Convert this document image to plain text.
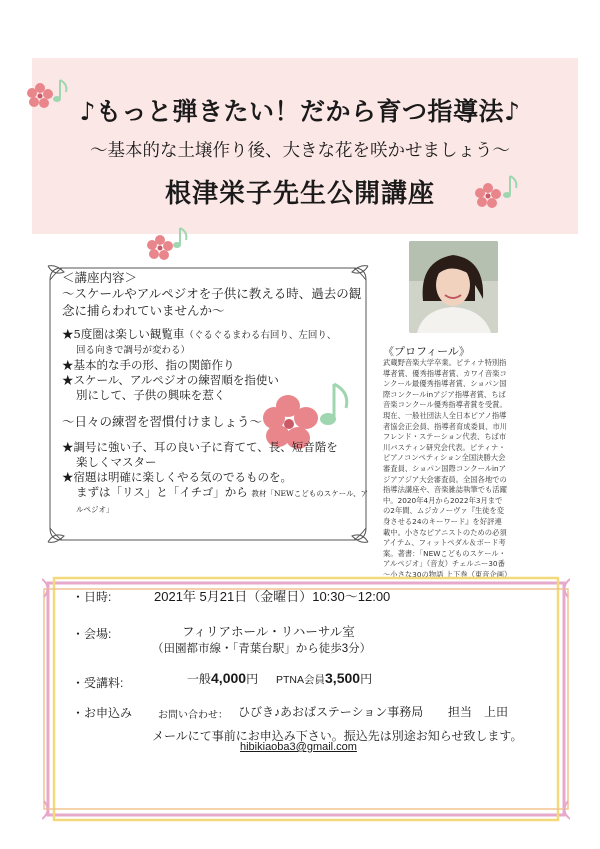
♪もっと弾きたい！だから育つ指導法♪
～基本的な土壌作り後、大きな花を咲かせましょう～
根津栄子先生公開講座

＜講座内容＞

～スケールやアルペジオを子供に教える時、過去の観念に捕らわれていませんか～

★5度圏は楽しい観覧車（ぐるぐるまわる右回り、左回り、

回る向きで調号が変わる）

★基本的な手の形、指の関節作り

★スケール、アルペジオの練習順を指使い

別にして、子供の興味を惹く

～日々の練習を習慣付けましょう～

★調号に強い子、耳の良い子に育てて、長、短音階を

楽しくマスター

★宿題は明確に楽しくやる気のでるものを。

まずは「リス」と「イチゴ」から 教材「NEWこどものスケール、アルペジオ」

《プロフィール》
武蔵野音楽大学卒業。ピティナ特別指導者賞、優秀指導者賞、カワイ音楽コンクール最優秀指導者賞、ショパン国際コンクールinアジア指導者賞、ちば音楽コンクール優秀指導者賞を受賞。 現在、一般社団法人全日本ピアノ指導者協会正会員、指導者育成委員、市川フレンド・ステーション代表、ちば市川バスティン研究会代表。ピティナ・ピアノコンペティション全国決勝大会審査員、ショパン国際コンクールinアジアアジア大会審査員。全国各地での指導法講座や、音楽雑誌執筆でも活躍中。2020年4月から2022年3月までの2年間、ムジカノーヴァ『生徒を変身させる24のキーワード』を好評連載中。小さなピアニストのための必須アイテム、フィットペダル＆ボード考案。著書：「NEWこどものスケール・アルペジオ」（音友）チェルニー30番～小さな30の物語 上下巻（東音企画）
・日時:	2021年 5月21日（金曜日）10:30～12:00
・会場:	フィリアホール・リハーサル室
（田園都市線・「青葉台駅」から徒歩3分）
・受講料:	一般4,000円 PTNA会員3,500円
・お申込み	お問い合わせ： ひびき♪あおばステーション事務局 担当　上田
メールにて事前にお申込み下さい。振込先は別途お知らせ致します。
hibikiaoba3@gmail.com
